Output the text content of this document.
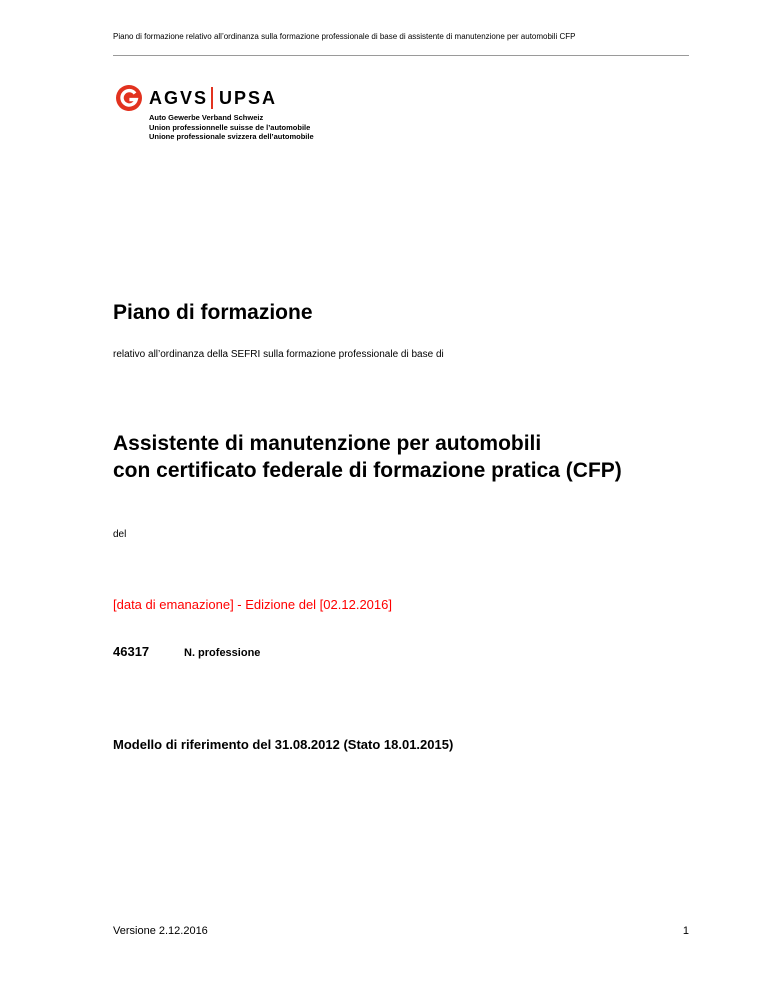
Piano di formazione relativo all’ordinanza sulla formazione professionale di base di assistente di manutenzione per automobili CFP
AGVS UPSA
Auto Gewerbe Verband Schweiz
Union professionnelle suisse de l’automobile
Unione professionale svizzera dell’automobile
Piano di formazione
relativo all’ordinanza della SEFRI sulla formazione professionale di base di
Assistente di manutenzione per automobili
con certificato federale di formazione pratica (CFP)
del
[data di emanazione] - Edizione del [02.12.2016]
46317	N. professione
Modello di riferimento del 31.08.2012 (Stato 18.01.2015)
Versione 2.12.2016	1
